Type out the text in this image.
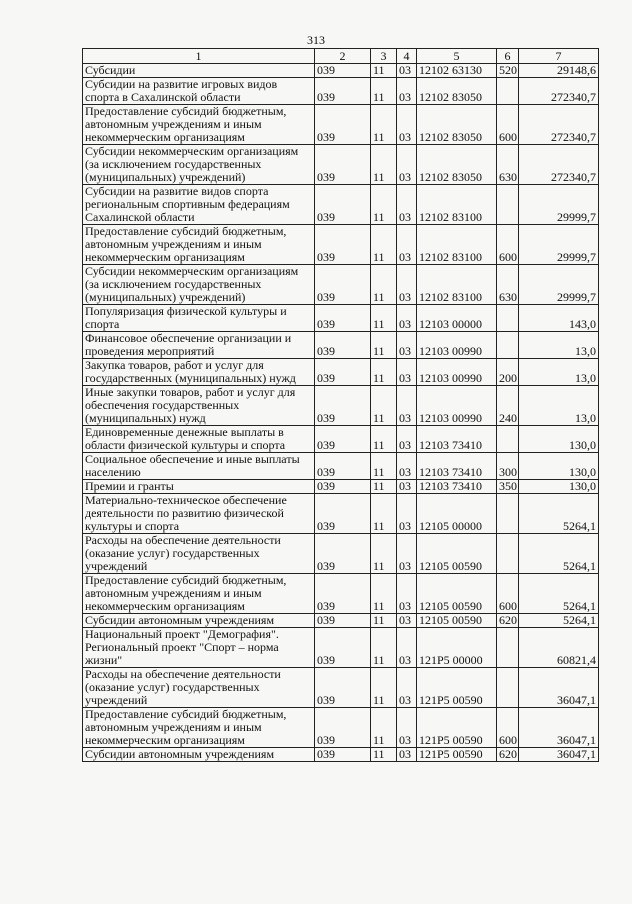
313
1	2	3	4	5	6	7
Субсидии	039	11	03	12102 63130	520	29148,6
Субсидии на развитие игровых видов спорта в Сахалинской области	039	11	03	12102 83050		272340,7
Предоставление субсидий бюджетным, автономным учреждениям и иным некоммерческим организациям	039	11	03	12102 83050	600	272340,7
Субсидии некоммерческим организациям (за исключением государственных (муниципальных) учреждений)	039	11	03	12102 83050	630	272340,7
Субсидии на развитие видов спорта региональным спортивным федерациям Сахалинской области	039	11	03	12102 83100		29999,7
Предоставление субсидий бюджетным, автономным учреждениям и иным некоммерческим организациям	039	11	03	12102 83100	600	29999,7
Субсидии некоммерческим организациям (за исключением государственных (муниципальных) учреждений)	039	11	03	12102 83100	630	29999,7
Популяризация физической культуры и спорта	039	11	03	12103 00000		143,0
Финансовое обеспечение организации и проведения мероприятий	039	11	03	12103 00990		13,0
Закупка товаров, работ и услуг для государственных (муниципальных) нужд	039	11	03	12103 00990	200	13,0
Иные закупки товаров, работ и услуг для обеспечения государственных (муниципальных) нужд	039	11	03	12103 00990	240	13,0
Единовременные денежные выплаты в области физической культуры и спорта	039	11	03	12103 73410		130,0
Социальное обеспечение и иные выплаты населению	039	11	03	12103 73410	300	130,0
Премии и гранты	039	11	03	12103 73410	350	130,0
Материально-техническое обеспечение деятельности по развитию физической культуры и спорта	039	11	03	12105 00000		5264,1
Расходы на обеспечение деятельности (оказание услуг) государственных учреждений	039	11	03	12105 00590		5264,1
Предоставление субсидий бюджетным, автономным учреждениям и иным некоммерческим организациям	039	11	03	12105 00590	600	5264,1
Субсидии автономным учреждениям	039	11	03	12105 00590	620	5264,1
Национальный проект "Демография". Региональный проект "Спорт – норма жизни"	039	11	03	121P5 00000		60821,4
Расходы на обеспечение деятельности (оказание услуг) государственных учреждений	039	11	03	121P5 00590		36047,1
Предоставление субсидий бюджетным, автономным учреждениям и иным некоммерческим организациям	039	11	03	121P5 00590	600	36047,1
Субсидии автономным учреждениям	039	11	03	121P5 00590	620	36047,1
